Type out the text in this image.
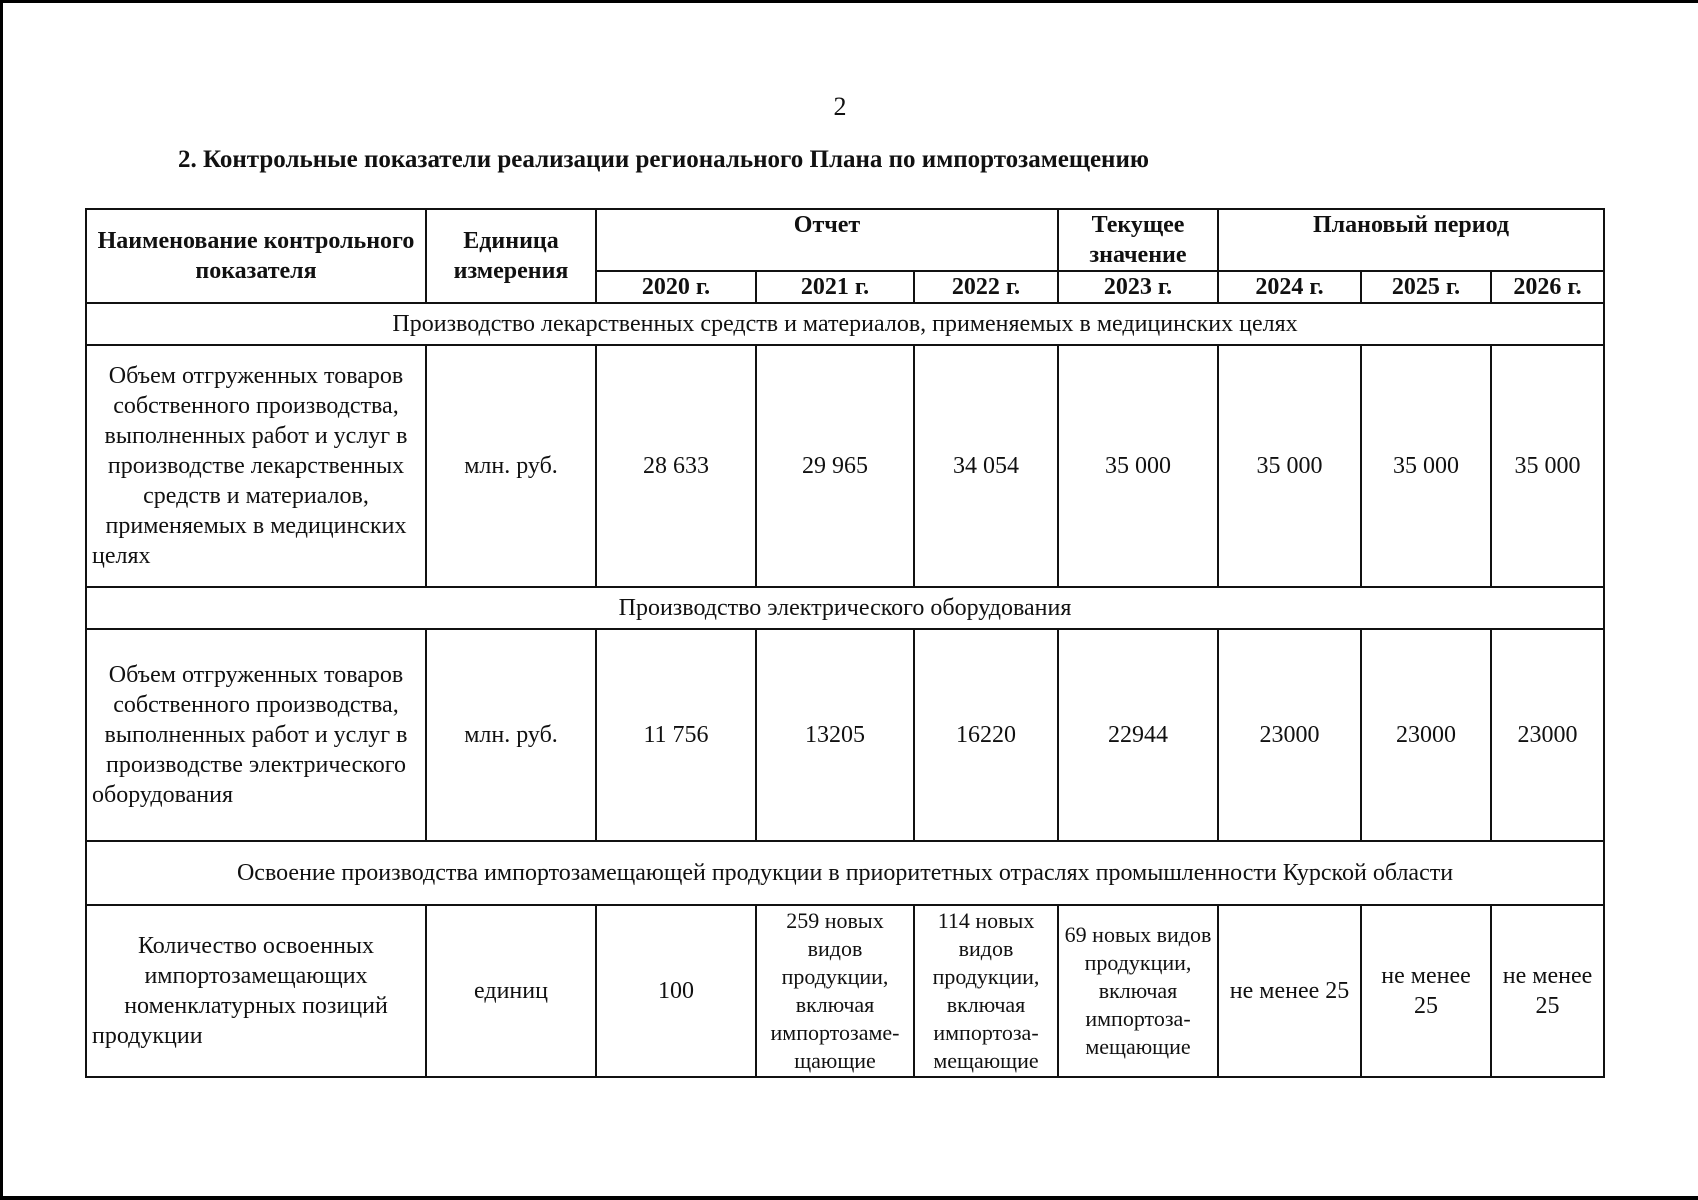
2
2. Контрольные показатели реализации регионального Плана по импортозамещению
Наименование контрольного показателя	Единица измерения	Отчет			Текущее значение	Плановый период		
		2020 г.	2021 г.	2022 г.	2023 г.	2024 г.	2025 г.	2026 г.
Производство лекарственных средств и материалов, применяемых в медицинских целях								
Объем отгруженных товаров собственного производства, выполненных работ и услуг в производстве лекарственных средств и материалов, применяемых в медицинских целях	млн. руб.	28 633	29 965	34 054	35 000	35 000	35 000	35 000
Производство электрического оборудования								
Объем отгруженных товаров собственного производства, выполненных работ и услуг в производстве электрического оборудования	млн. руб.	11 756	13205	16220	22944	23000	23000	23000
Освоение производства импортозамещающей продукции в приоритетных отраслях промышленности Курской области								
Количество освоенных импортозамещающих номенклатурных позиций продукции	единиц	100	259 новых видов продукции, включая импортозаме-щающие	114 новых видов продукции, включая импортоза-мещающие	69 новых видов продукции, включая импортоза-мещающие	не менее 25	не менее 25	не менее 25
